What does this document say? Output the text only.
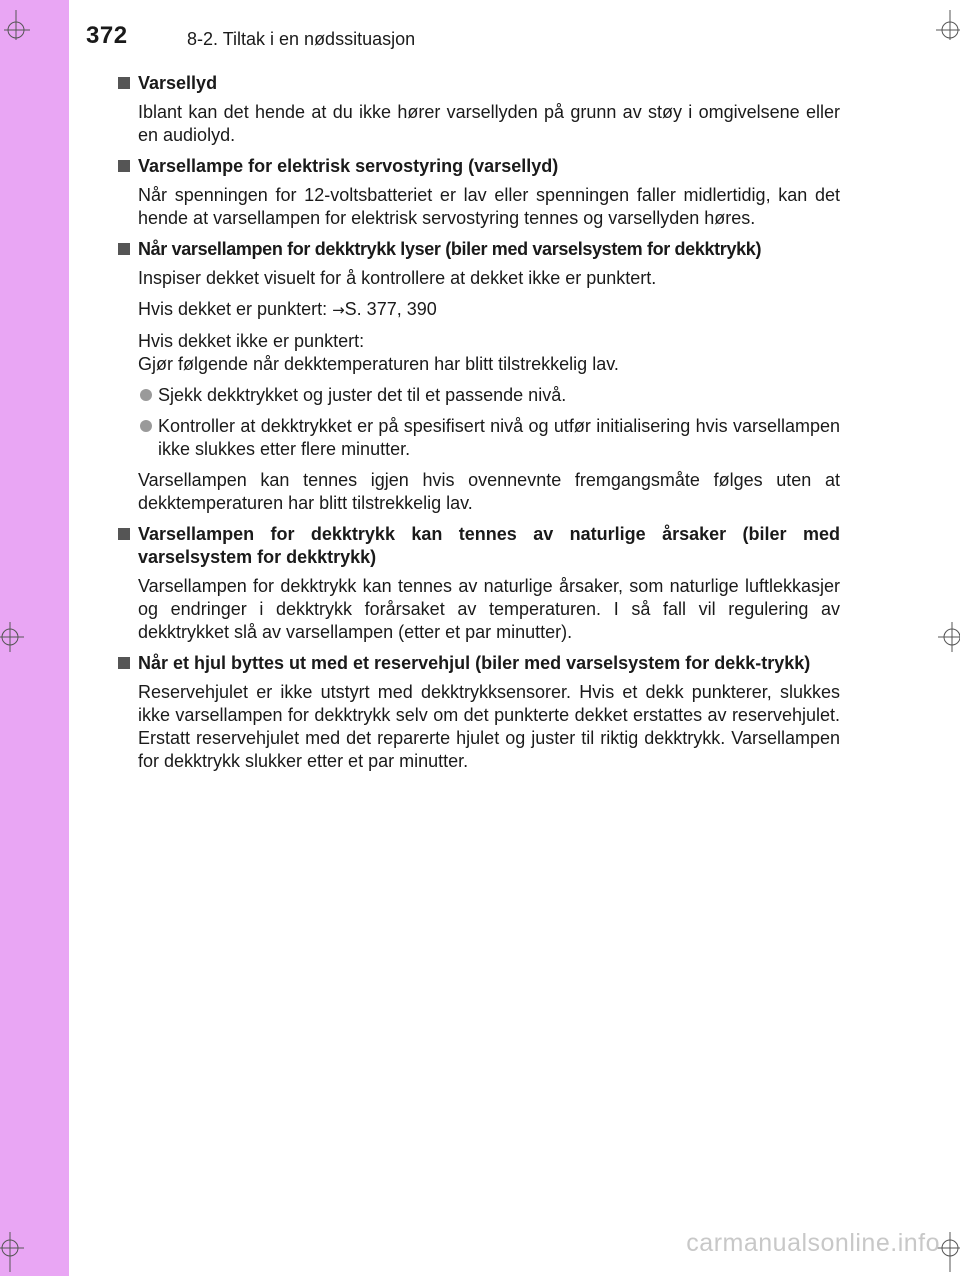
372	8-2. Tiltak i en nødssituasjon
Varsellyd
Iblant kan det hende at du ikke hører varsellyden på grunn av støy i omgivelsene eller en audiolyd.
Varsellampe for elektrisk servostyring (varsellyd)
Når spenningen for 12-voltsbatteriet er lav eller spenningen faller midlertidig, kan det hende at varsellampen for elektrisk servostyring tennes og varsellyden høres.
Når varsellampen for dekktrykk lyser (biler med varselsystem for dekktrykk)
Inspiser dekket visuelt for å kontrollere at dekket ikke er punktert.
Hvis dekket er punktert: →S. 377, 390
Hvis dekket ikke er punktert:
Gjør følgende når dekktemperaturen har blitt tilstrekkelig lav.
Sjekk dekktrykket og juster det til et passende nivå.
Kontroller at dekktrykket er på spesifisert nivå og utfør initialisering hvis varsellampen ikke slukkes etter flere minutter.
Varsellampen kan tennes igjen hvis ovennevnte fremgangsmåte følges uten at dekktemperaturen har blitt tilstrekkelig lav.
Varsellampen for dekktrykk kan tennes av naturlige årsaker (biler med varselsystem for dekktrykk)
Varsellampen for dekktrykk kan tennes av naturlige årsaker, som naturlige luftlekkasjer og endringer i dekktrykk forårsaket av temperaturen. I så fall vil regulering av dekktrykket slå av varsellampen (etter et par minutter).
Når et hjul byttes ut med et reservehjul (biler med varselsystem for dekk-trykk)
Reservehjulet er ikke utstyrt med dekktrykksensorer. Hvis et dekk punkterer, slukkes ikke varsellampen for dekktrykk selv om det punkterte dekket erstattes av reservehjulet. Erstatt reservehjulet med det reparerte hjulet og juster til riktig dekktrykk. Varsellampen for dekktrykk slukker etter et par minutter.
carmanualsonline.info
